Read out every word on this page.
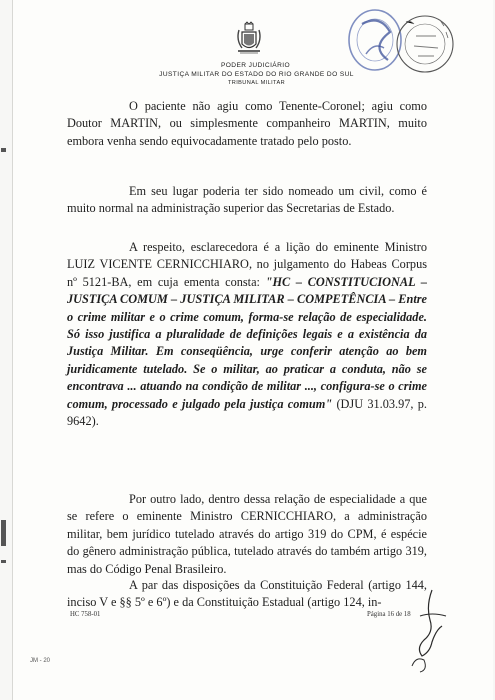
PODER JUDICIÁRIO
JUSTIÇA MILITAR DO ESTADO DO RIO GRANDE DO SUL
TRIBUNAL MILITAR

O paciente não agiu como Tenente-Coronel; agiu como Doutor MARTIN, ou simplesmente companheiro MARTIN, muito embora venha sendo equivocadamente tratado pelo posto.

Em seu lugar poderia ter sido nomeado um civil, como é muito normal na administração superior das Secretarias de Estado.

A respeito, esclarecedora é a lição do eminente Ministro LUIZ VICENTE CERNICCHIARO, no julgamento do Habeas Corpus nº 5121-BA, em cuja ementa consta: "HC – CONSTITUCIONAL – JUSTIÇA COMUM – JUSTIÇA MILITAR – COMPETÊNCIA – Entre o crime militar e o crime comum, forma-se relação de especialidade. Só isso justifica a pluralidade de definições legais e a existência da Justiça Militar. Em conseqüência, urge conferir atenção ao bem juridicamente tutelado. Se o militar, ao praticar a conduta, não se encontrava ... atuando na condição de militar ..., configura-se o crime comum, processado e julgado pela justiça comum" (DJU 31.03.97, p. 9642).

Por outro lado, dentro dessa relação de especialidade a que se refere o eminente Ministro CERNICCHIARO, a administração militar, bem jurídico tutelado através do artigo 319 do CPM, é espécie do gênero administração pública, tutelado através do também artigo 319, mas do Código Penal Brasileiro.

A par das disposições da Constituição Federal (artigo 144, inciso V e §§ 5º e 6º) e da Constituição Estadual (artigo 124, in-

HC 758-01	Página 16 de 18
JM - 20
